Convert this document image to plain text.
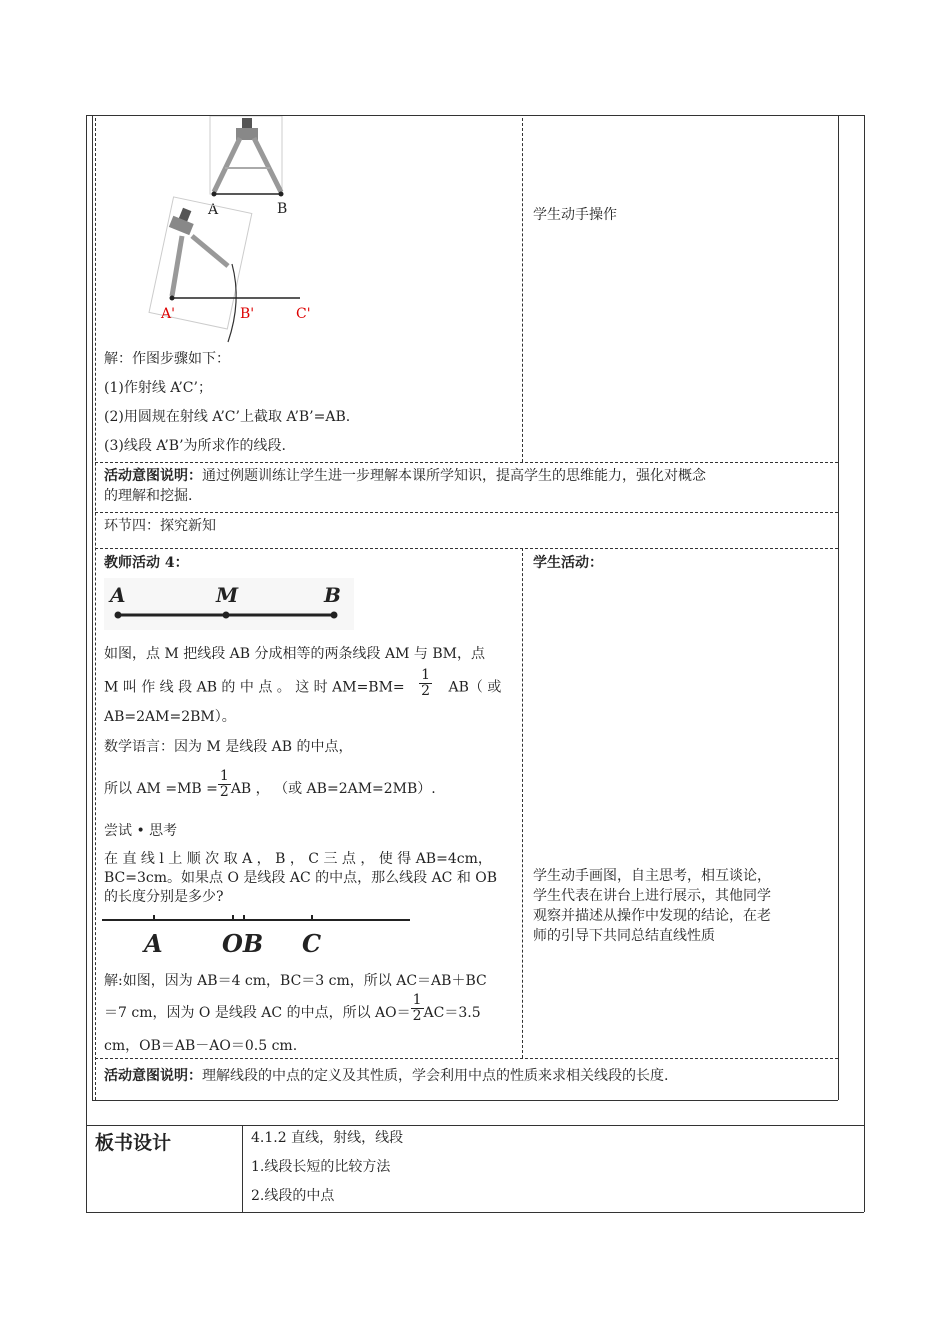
A	B
A'	B'	C'
解：作图步骤如下：
(1)作射线 A’C’；
(2)用圆规在射线 A’C’上截取 A’B’=AB.
(3)线段 A’B’为所求作的线段.
学生动手操作
活动意图说明：通过例题训练让学生进一步理解本课所学知识，提高学生的思维能力，强化对概念
的理解和挖掘.
环节四：探究新知
教师活动 4：	学生活动：
A	M	B
如图，点 M 把线段 AB 分成相等的两条线段 AM 与 BM，点
M 叫 作 线 段 AB 的 中 点 。 这 时 $AM=BM= \frac{1}{2} AB$（ 或
AB=2AM=2BM）。
数学语言：因为 M 是线段 AB 的中点，
所以 AM $=MB = \frac{1}{2}$ AB ， （或 AB=2AM=2MB）.
尝试 • 思考
在 直 线 l 上 顺 次 取 A ， B ， C 三 点 ， 使 得 AB=4cm，
BC=3cm。如果点 O 是线段 AC 的中点，那么线段 AC 和 OB
的长度分别是多少?
A OB C
解:如图，因为 AB＝4 cm，BC＝3 cm，所以 AC＝AB＋BC
＝7 cm，因为 O 是线段 AC 的中点，所以 $AO= \frac{1}{2} AC=3.5$
cm，OB＝AB－AO＝0.5 cm.
学生动手画图，自主思考，相互谈论，
学生代表在讲台上进行展示，其他同学
观察并描述从操作中发现的结论，在老
师的引导下共同总结直线性质
活动意图说明：理解线段的中点的定义及其性质，学会利用中点的性质来求相关线段的长度.
板书设计	4.1.2 直线，射线，线段
1.线段长短的比较方法
2.线段的中点
